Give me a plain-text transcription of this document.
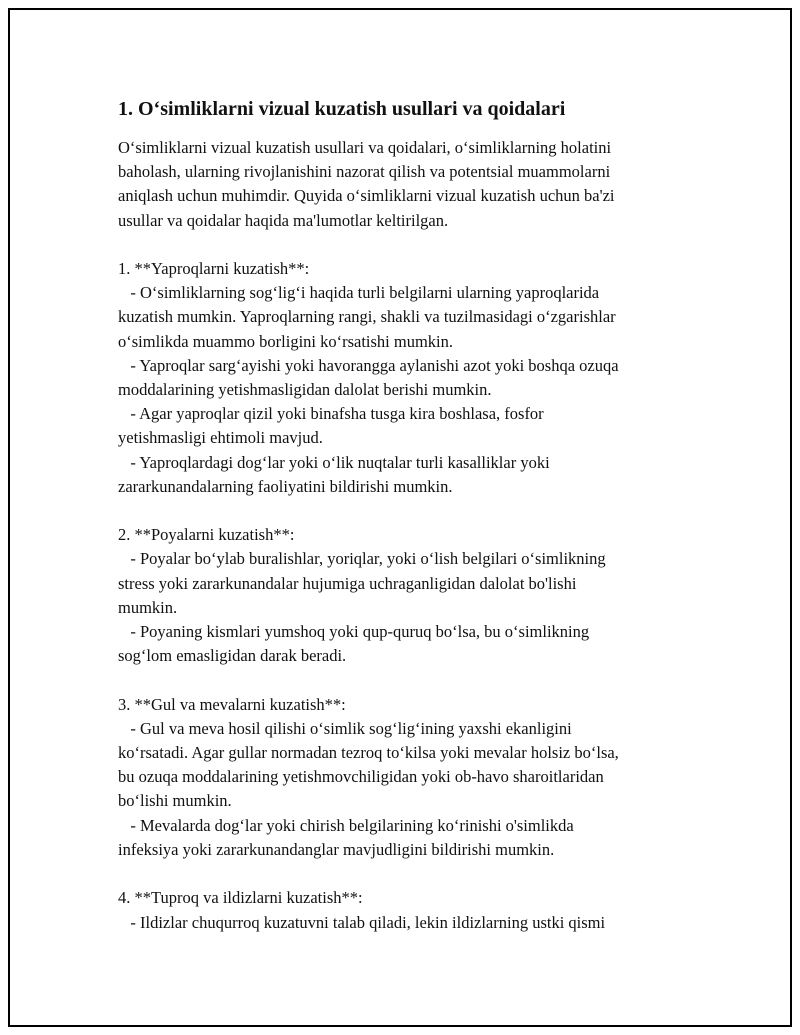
1. O‘simliklarni vizual kuzatish usullari va qoidalari

O‘simliklarni vizual kuzatish usullari va qoidalari, o‘simliklarning holatini
baholash, ularning rivojlanishini nazorat qilish va potentsial muammolarni
aniqlash uchun muhimdir. Quyida o‘simliklarni vizual kuzatish uchun ba'zi
usullar va qoidalar haqida ma'lumotlar keltirilgan.

1. **Yaproqlarni kuzatish**:
- O‘simliklarning sog‘lig‘i haqida turli belgilarni ularning yaproqlarida
kuzatish mumkin. Yaproqlarning rangi, shakli va tuzilmasidagi o‘zgarishlar
o‘simlikda muammo borligini ko‘rsatishi mumkin.
- Yaproqlar sarg‘ayishi yoki havorangga aylanishi azot yoki boshqa ozuqa
moddalarining yetishmasligidan dalolat berishi mumkin.
- Agar yaproqlar qizil yoki binafsha tusga kira boshlasa, fosfor
yetishmasligi ehtimoli mavjud.
- Yaproqlardagi dog‘lar yoki o‘lik nuqtalar turli kasalliklar yoki
zararkunandalarning faoliyatini bildirishi mumkin.

2. **Poyalarni kuzatish**:
- Poyalar bo‘ylab buralishlar, yoriqlar, yoki o‘lish belgilari o‘simlikning
stress yoki zararkunandalar hujumiga uchraganligidan dalolat bo'lishi
mumkin.
- Poyaning kismlari yumshoq yoki qup-quruq bo‘lsa, bu o‘simlikning
sog‘lom emasligidan darak beradi.

3. **Gul va mevalarni kuzatish**:
- Gul va meva hosil qilishi o‘simlik sog‘lig‘ining yaxshi ekanligini
ko‘rsatadi. Agar gullar normadan tezroq to‘kilsa yoki mevalar holsiz bo‘lsa,
bu ozuqa moddalarining yetishmovchiligidan yoki ob-havo sharoitlaridan
bo‘lishi mumkin.
- Mevalarda dog‘lar yoki chirish belgilarining ko‘rinishi o'simlikda
infeksiya yoki zararkunandanglar mavjudligini bildirishi mumkin.

4. **Tuproq va ildizlarni kuzatish**:
- Ildizlar chuqurroq kuzatuvni talab qiladi, lekin ildizlarning ustki qismi
